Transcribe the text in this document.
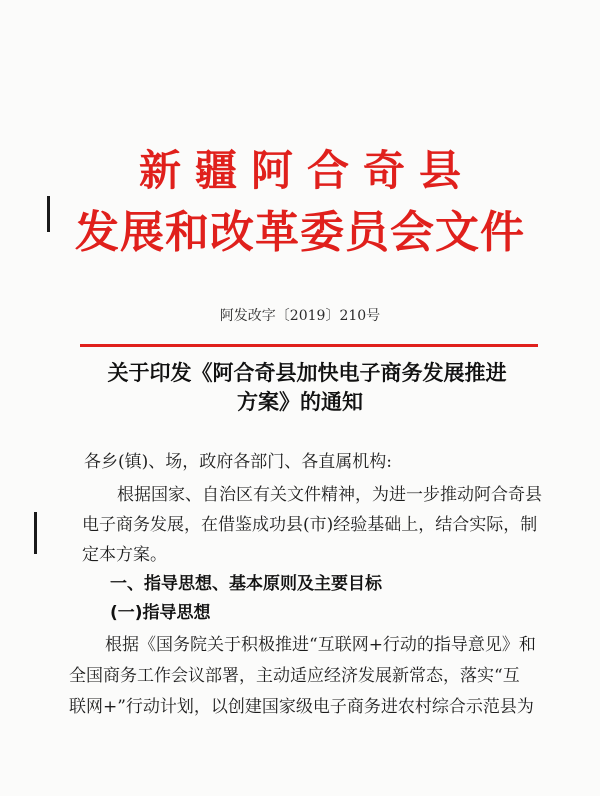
新疆阿合奇县
发展和改革委员会文件
阿发改字〔2019〕210号
关于印发《阿合奇县加快电子商务发展推进
方案》的通知
各乡(镇)、场，政府各部门、各直属机构:
根据国家、自治区有关文件精神，为进一步推动阿合奇县
电子商务发展，在借鉴成功县(市)经验基础上，结合实际，制
定本方案。
一、指导思想、基本原则及主要目标
(一)指导思想
根据《国务院关于积极推进“互联网+行动的指导意见》和
全国商务工作会议部署，主动适应经济发展新常态，落实“互
联网+”行动计划，以创建国家级电子商务进农村综合示范县为
